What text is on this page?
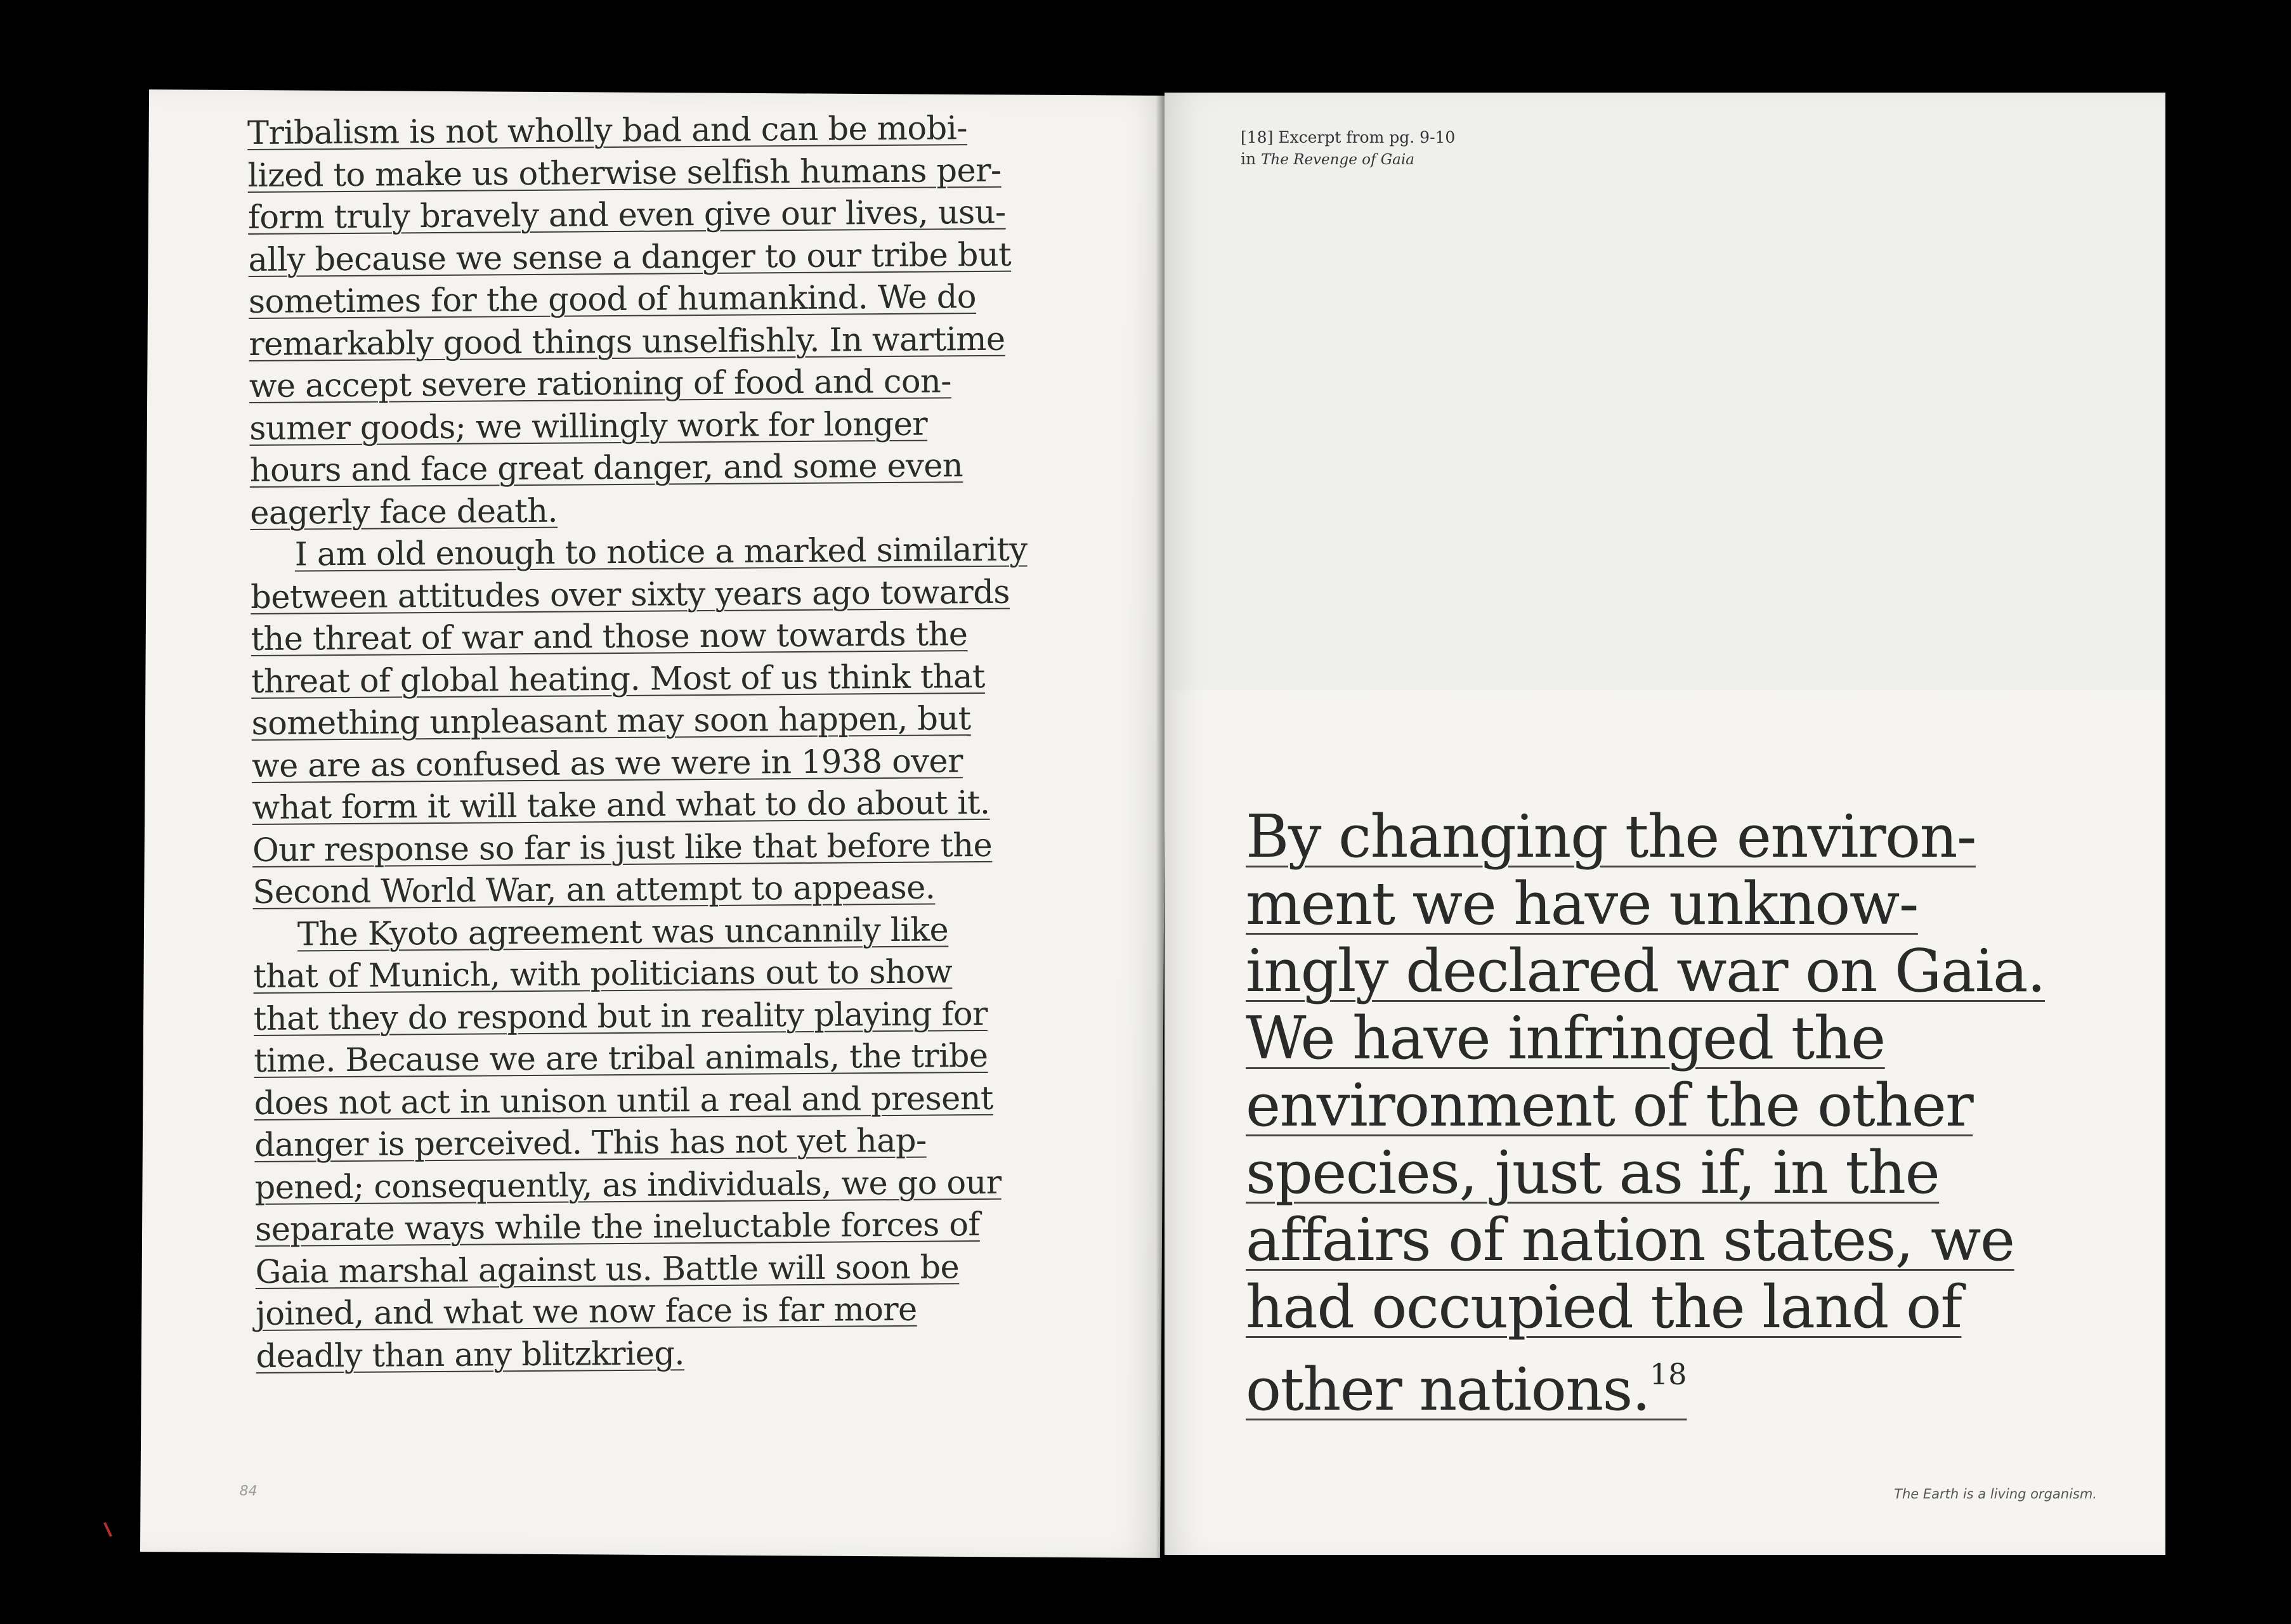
Tribalism is not wholly bad and can be mobi-
lized to make us otherwise selfish humans per-
form truly bravely and even give our lives, usu-
ally because we sense a danger to our tribe but
sometimes for the good of humankind. We do
remarkably good things unselfishly. In wartime
we accept severe rationing of food and con-
sumer goods; we willingly work for longer
hours and face great danger, and some even
eagerly face death.
I am old enough to notice a marked similarity
between attitudes over sixty years ago towards
the threat of war and those now towards the
threat of global heating. Most of us think that
something unpleasant may soon happen, but
we are as confused as we were in 1938 over
what form it will take and what to do about it.
Our response so far is just like that before the
Second World War, an attempt to appease.
The Kyoto agreement was uncannily like
that of Munich, with politicians out to show
that they do respond but in reality playing for
time. Because we are tribal animals, the tribe
does not act in unison until a real and present
danger is perceived. This has not yet hap-
pened; consequently, as individuals, we go our
separate ways while the ineluctable forces of
Gaia marshal against us. Battle will soon be
joined, and what we now face is far more
deadly than any blitzkrieg.
84
[18] Excerpt from pg. 9-10
in The Revenge of Gaia
By changing the environ-
ment we have unknow-
ingly declared war on Gaia.
We have infringed the
environment of the other
species, just as if, in the
affairs of nation states, we
had occupied the land of
other nations.$^{18}$
The Earth is a living organism.
